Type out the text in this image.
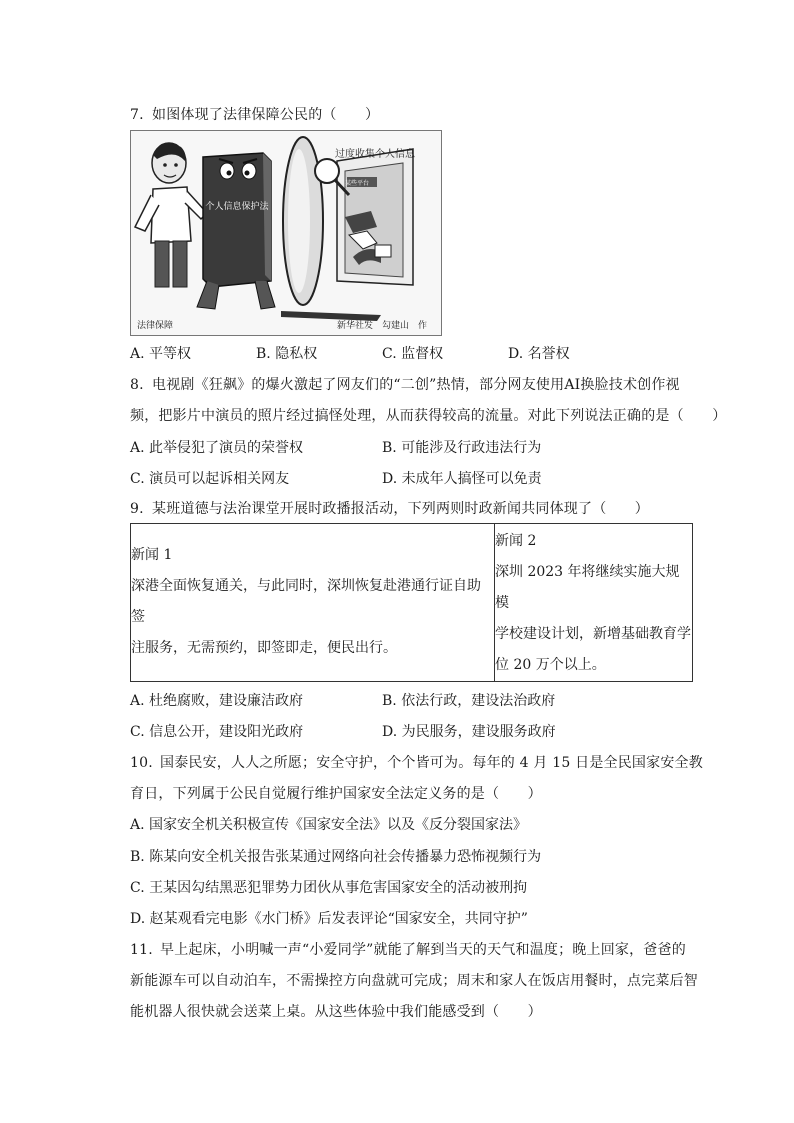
7. 如图体现了法律保障公民的（　　）
个人信息保护法
过度收集个人信息
某些平台
法律保障	新华社发　勾建山　作
A. 平等权	B. 隐私权	C. 监督权	D. 名誉权
8. 电视剧《狂飙》的爆火激起了网友们的“二创”热情，部分网友使用AI换脸技术创作视
频，把影片中演员的照片经过搞怪处理，从而获得较高的流量。对此下列说法正确的是（　　）
A. 此举侵犯了演员的荣誉权	B. 可能涉及行政违法行为
C. 演员可以起诉相关网友	D. 未成年人搞怪可以免责
9. 某班道德与法治课堂开展时政播报活动，下列两则时政新闻共同体现了（　　）
新闻 1
深港全面恢复通关，与此同时，深圳恢复赴港通行证自助签
注服务，无需预约，即签即走，便民出行。

新闻 2
深圳 2023 年将继续实施大规模
学校建设计划，新增基础教育学
位 20 万个以上。
A. 杜绝腐败，建设廉洁政府	B. 依法行政，建设法治政府
C. 信息公开，建设阳光政府	D. 为民服务，建设服务政府
10. 国泰民安，人人之所愿；安全守护，个个皆可为。每年的 4 月 15 日是全民国家安全教
育日，下列属于公民自觉履行维护国家安全法定义务的是（　　）
A. 国家安全机关积极宣传《国家安全法》以及《反分裂国家法》
B. 陈某向安全机关报告张某通过网络向社会传播暴力恐怖视频行为
C. 王某因勾结黑恶犯罪势力团伙从事危害国家安全的活动被刑拘
D. 赵某观看完电影《水门桥》后发表评论“国家安全，共同守护”
11. 早上起床，小明喊一声“小爱同学”就能了解到当天的天气和温度；晚上回家，爸爸的
新能源车可以自动泊车，不需操控方向盘就可完成；周末和家人在饭店用餐时，点完菜后智
能机器人很快就会送菜上桌。从这些体验中我们能感受到（　　）
